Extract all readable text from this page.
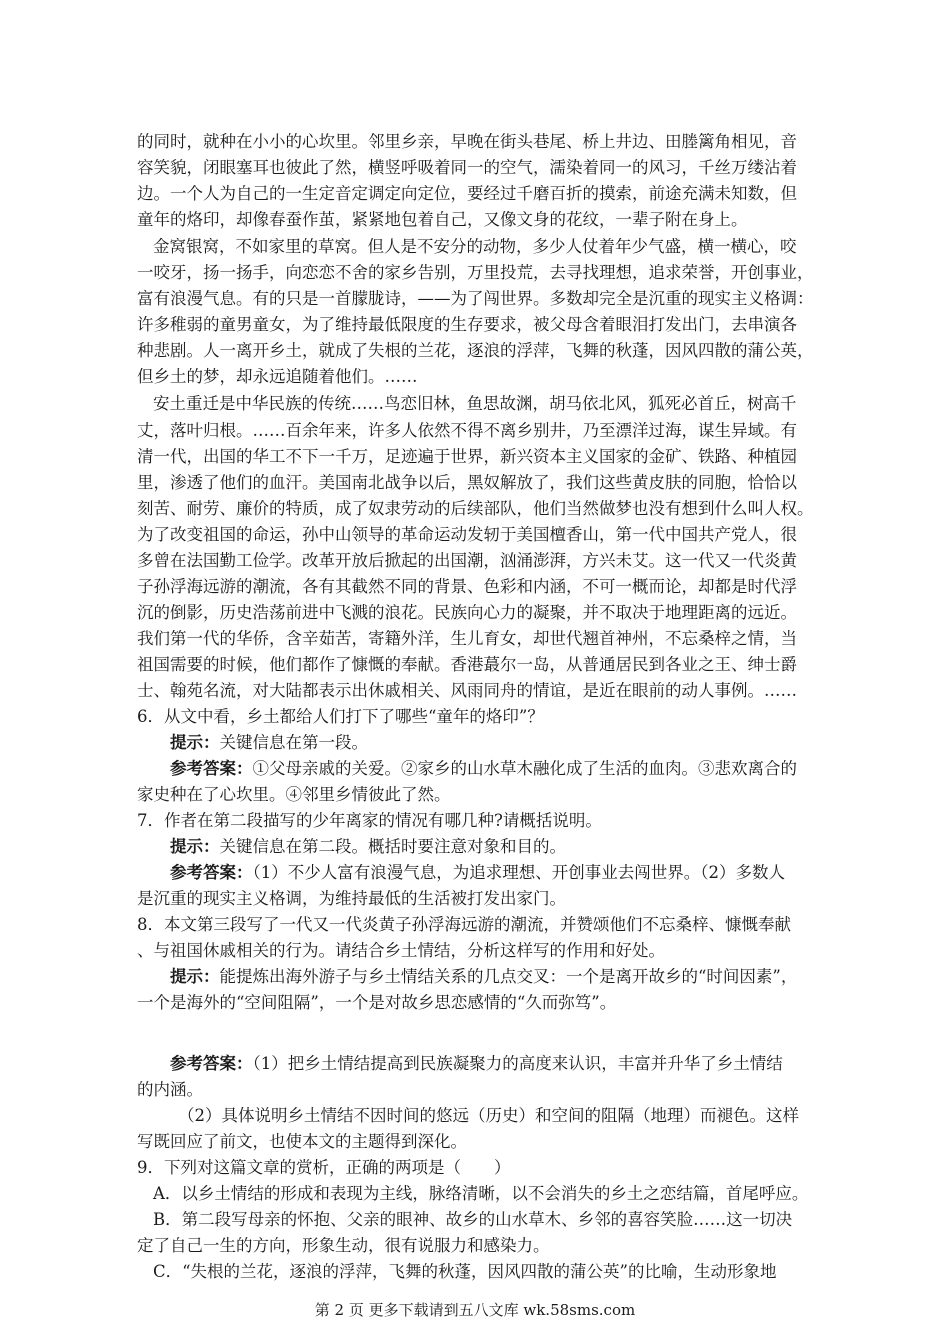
的同时，就种在小小的心坎里。邻里乡亲，早晚在街头巷尾、桥上井边、田塍篱角相见，音
容笑貌，闭眼塞耳也彼此了然，横竖呼吸着同一的空气，濡染着同一的风习，千丝万缕沾着
边。一个人为自己的一生定音定调定向定位，要经过千磨百折的摸索，前途充满未知数，但
童年的烙印，却像春蚕作茧，紧紧地包着自己，又像文身的花纹，一辈子附在身上。
金窝银窝，不如家里的草窝。但人是不安分的动物，多少人仗着年少气盛，横一横心，咬
一咬牙，扬一扬手，向恋恋不舍的家乡告别，万里投荒，去寻找理想，追求荣誉，开创事业，
富有浪漫气息。有的只是一首朦胧诗，——为了闯世界。多数却完全是沉重的现实主义格调：
许多稚弱的童男童女，为了维持最低限度的生存要求，被父母含着眼泪打发出门，去串演各
种悲剧。人一离开乡土，就成了失根的兰花，逐浪的浮萍，飞舞的秋蓬，因风四散的蒲公英，
但乡土的梦，却永远追随着他们。……
安土重迁是中华民族的传统……鸟恋旧林，鱼思故渊，胡马依北风，狐死必首丘，树高千
丈，落叶归根。……百余年来，许多人依然不得不离乡别井，乃至漂洋过海，谋生异域。有
清一代，出国的华工不下一千万，足迹遍于世界，新兴资本主义国家的金矿、铁路、种植园
里，渗透了他们的血汗。美国南北战争以后，黑奴解放了，我们这些黄皮肤的同胞，恰恰以
刻苦、耐劳、廉价的特质，成了奴隶劳动的后续部队，他们当然做梦也没有想到什么叫人权。
为了改变祖国的命运，孙中山领导的革命运动发轫于美国檀香山，第一代中国共产党人，很
多曾在法国勤工俭学。改革开放后掀起的出国潮，汹涌澎湃，方兴未艾。这一代又一代炎黄
子孙浮海远游的潮流，各有其截然不同的背景、色彩和内涵，不可一概而论，却都是时代浮
沉的倒影，历史浩荡前进中飞溅的浪花。民族向心力的凝聚，并不取决于地理距离的远近。
我们第一代的华侨，含辛茹苦，寄籍外洋，生儿育女，却世代翘首神州，不忘桑梓之情，当
祖国需要的时候，他们都作了慷慨的奉献。香港蕞尔一岛，从普通居民到各业之王、绅士爵
士、翰苑名流，对大陆都表示出休戚相关、风雨同舟的情谊，是近在眼前的动人事例。……
6．从文中看，乡土都给人们打下了哪些“童年的烙印”？
提示：关键信息在第一段。
参考答案：①父母亲戚的关爱。②家乡的山水草木融化成了生活的血肉。③悲欢离合的
家史种在了心坎里。④邻里乡情彼此了然。
7．作者在第二段描写的少年离家的情况有哪几种?请概括说明。
提示：关键信息在第二段。概括时要注意对象和目的。
参考答案：（1）不少人富有浪漫气息，为追求理想、开创事业去闯世界。（2）多数人
是沉重的现实主义格调，为维持最低的生活被打发出家门。
8．本文第三段写了一代又一代炎黄子孙浮海远游的潮流，并赞颂他们不忘桑梓、慷慨奉献
、与祖国休戚相关的行为。请结合乡土情结，分析这样写的作用和好处。
提示：能提炼出海外游子与乡土情结关系的几点交叉：一个是离开故乡的“时间因素”，
一个是海外的“空间阻隔”，一个是对故乡思恋感情的“久而弥笃”。
参考答案：（1）把乡土情结提高到民族凝聚力的高度来认识，丰富并升华了乡土情结
的内涵。
（2）具体说明乡土情结不因时间的悠远（历史）和空间的阻隔（地理）而褪色。这样
写既回应了前文，也使本文的主题得到深化。
9．下列对这篇文章的赏析，正确的两项是（　　）
A．以乡土情结的形成和表现为主线，脉络清晰，以不会消失的乡土之恋结篇，首尾呼应。
B．第二段写母亲的怀抱、父亲的眼神、故乡的山水草木、乡邻的喜容笑脸……这一切决
定了自己一生的方向，形象生动，很有说服力和感染力。
C．“失根的兰花，逐浪的浮萍，飞舞的秋蓬，因风四散的蒲公英”的比喻，生动形象地
第 2 页 更多下载请到五八文库 wk.58sms.com
